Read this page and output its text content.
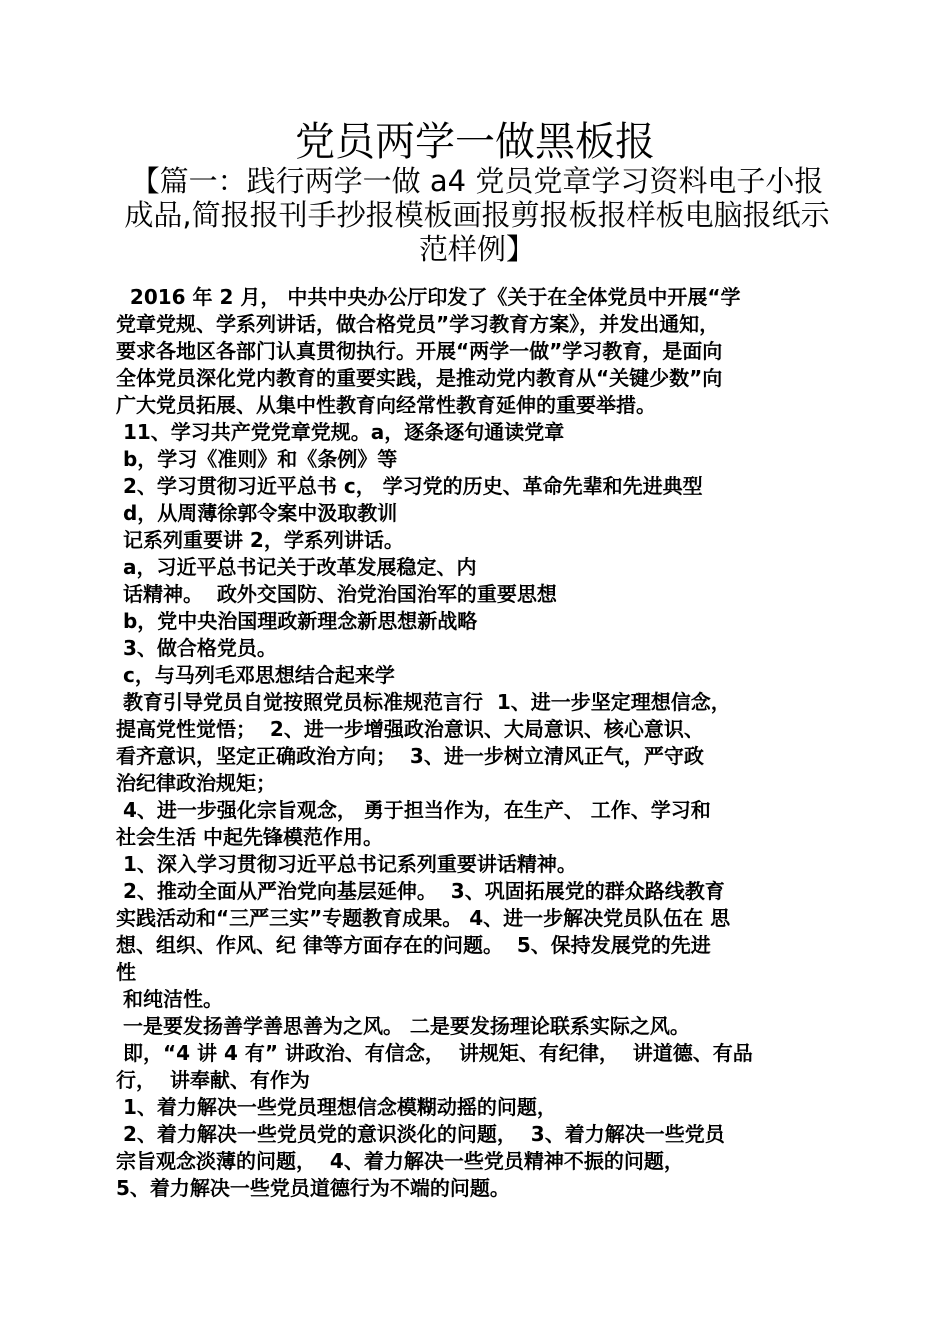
党员两学一做黑板报
【篇一：践行两学一做 a4 党员党章学习资料电子小报
成品,简报报刊手抄报模板画报剪报板报样板电脑报纸示
范样例】
2016 年 2 月， 中共中央办公厅印发了《关于在全体党员中开展“学
党章党规、学系列讲话，做合格党员”学习教育方案》，并发出通知，
要求各地区各部门认真贯彻执行。开展“两学一做”学习教育，是面向
全体党员深化党内教育的重要实践，是推动党内教育从“关键少数”向
广大党员拓展、从集中性教育向经常性教育延伸的重要举措。
11、学习共产党党章党规。a，逐条逐句通读党章
b，学习《准则》和《条例》等
2、学习贯彻习近平总书 c， 学习党的历史、革命先辈和先进典型
d，从周薄徐郭令案中汲取教训
记系列重要讲 2，学系列讲话。
a，习近平总书记关于改革发展稳定、内
话精神。  政外交国防、治党治国治军的重要思想
b，党中央治国理政新理念新思想新战略
3、做合格党员。
c，与马列毛邓思想结合起来学
教育引导党员自觉按照党员标准规范言行  1、进一步坚定理想信念，
提高党性觉悟；  2、进一步增强政治意识、大局意识、核心意识、
看齐意识，坚定正确政治方向；  3、进一步树立清风正气，严守政
治纪律政治规矩；
4、进一步强化宗旨观念， 勇于担当作为，在生产、 工作、学习和
社会生活 中起先锋模范作用。
1、深入学习贯彻习近平总书记系列重要讲话精神。
2、推动全面从严治党向基层延伸。  3、巩固拓展党的群众路线教育
实践活动和“三严三实”专题教育成果。 4、进一步解决党员队伍在 思
想、组织、作风、纪 律等方面存在的问题。  5、保持发展党的先进
性
和纯洁性。
一是要发扬善学善思善为之风。 二是要发扬理论联系实际之风。
即，“4 讲 4 有” 讲政治、有信念，  讲规矩、有纪律，  讲道德、有品
行，  讲奉献、有作为
1、着力解决一些党员理想信念模糊动摇的问题，
2、着力解决一些党员党的意识淡化的问题，  3、着力解决一些党员
宗旨观念淡薄的问题，  4、着力解决一些党员精神不振的问题，
5、着力解决一些党员道德行为不端的问题。
